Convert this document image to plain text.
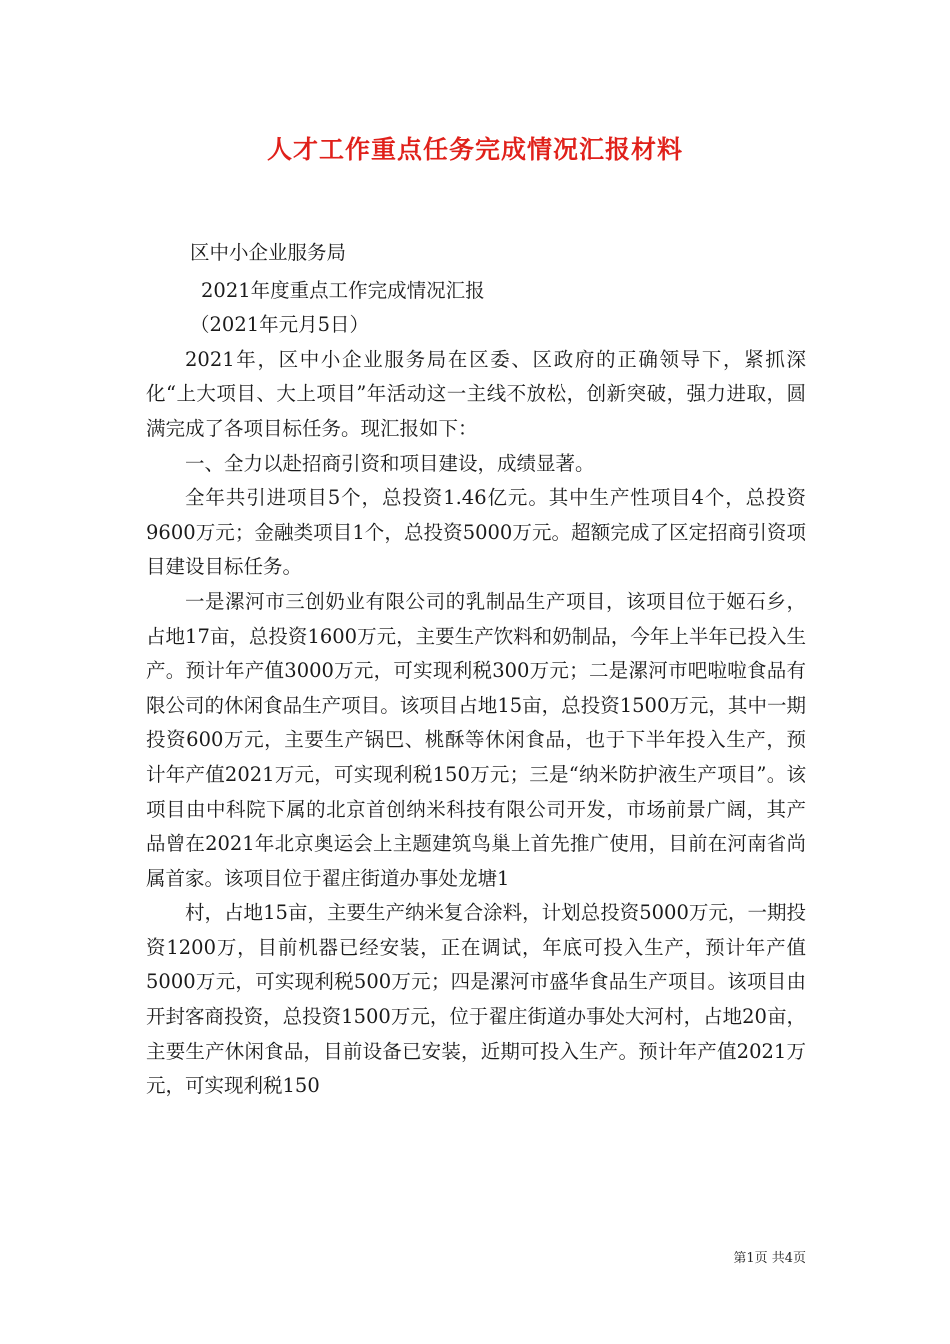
人才工作重点任务完成情况汇报材料
区中小企业服务局
2021年度重点工作完成情况汇报
（2021年元月5日）

2021年，区中小企业服务局在区委、区政府的正确领导下，紧抓深化“上大项目、大上项目”年活动这一主线不放松，创新突破，强力进取，圆满完成了各项目标任务。现汇报如下：

一、全力以赴招商引资和项目建设，成绩显著。

全年共引进项目5个，总投资1.46亿元。其中生产性项目4个，总投资9600万元；金融类项目1个，总投资5000万元。超额完成了区定招商引资项目建设目标任务。

一是漯河市三创奶业有限公司的乳制品生产项目，该项目位于姬石乡，占地17亩，总投资1600万元，主要生产饮料和奶制品，今年上半年已投入生产。预计年产值3000万元，可实现利税300万元；二是漯河市吧啦啦食品有限公司的休闲食品生产项目。该项目占地15亩，总投资1500万元，其中一期投资600万元，主要生产锅巴、桃酥等休闲食品，也于下半年投入生产，预计年产值2021万元，可实现利税150万元；三是“纳米防护液生产项目”。该项目由中科院下属的北京首创纳米科技有限公司开发，市场前景广阔，其产品曾在2021年北京奥运会上主题建筑鸟巢上首先推广使用，目前在河南省尚属首家。该项目位于翟庄街道办事处龙塘1

村，占地15亩，主要生产纳米复合涂料，计划总投资5000万元，一期投资1200万，目前机器已经安装，正在调试，年底可投入生产，预计年产值5000万元，可实现利税500万元；四是漯河市盛华食品生产项目。该项目由开封客商投资，总投资1500万元，位于翟庄街道办事处大河村，占地20亩，主要生产休闲食品，目前设备已安装，近期可投入生产。预计年产值2021万元，可实现利税150

第1页 共4页
